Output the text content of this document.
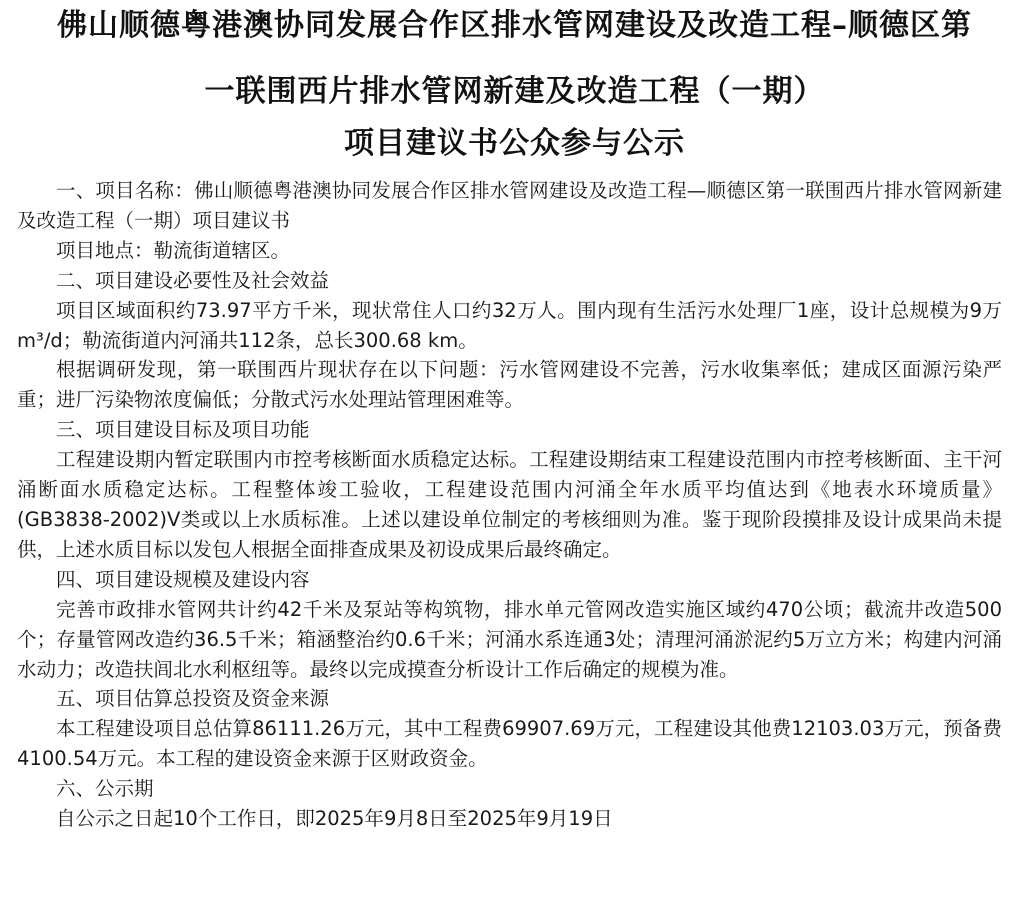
佛山顺德粤港澳协同发展合作区排水管网建设及改造工程–顺德区第
一联围西片排水管网新建及改造工程（一期）
项目建议书公众参与公示

一、项目名称：佛山顺德粤港澳协同发展合作区排水管网建设及改造工程—顺德区第一联围西片排水管网新建及改造工程（一期）项目建议书

项目地点：勒流街道辖区。

二、项目建设必要性及社会效益

项目区域面积约73.97平方千米，现状常住人口约32万人。围内现有生活污水处理厂1座，设计总规模为9万m³/d；勒流街道内河涌共112条，总长300.68 km。

根据调研发现，第一联围西片现状存在以下问题：污水管网建设不完善，污水收集率低；建成区面源污染严重；进厂污染物浓度偏低；分散式污水处理站管理困难等。

三、项目建设目标及项目功能

工程建设期内暂定联围内市控考核断面水质稳定达标。工程建设期结束工程建设范围内市控考核断面、主干河涌断面水质稳定达标。工程整体竣工验收，工程建设范围内河涌全年水质平均值达到《地表水环境质量》(GB3838-2002)V类或以上水质标准。上述以建设单位制定的考核细则为准。鉴于现阶段摸排及设计成果尚未提供，上述水质目标以发包人根据全面排查成果及初设成果后最终确定。

四、项目建设规模及建设内容

完善市政排水管网共计约42千米及泵站等构筑物，排水单元管网改造实施区域约470公顷；截流井改造500个；存量管网改造约36.5千米；箱涵整治约0.6千米；河涌水系连通3处；清理河涌淤泥约5万立方米；构建内河涌水动力；改造扶闾北水利枢纽等。最终以完成摸查分析设计工作后确定的规模为准。

五、项目估算总投资及资金来源

本工程建设项目总估算86111.26万元，其中工程费69907.69万元，工程建设其他费12103.03万元，预备费4100.54万元。本工程的建设资金来源于区财政资金。

六、公示期

自公示之日起10个工作日，即2025年9月8日至2025年9月19日
